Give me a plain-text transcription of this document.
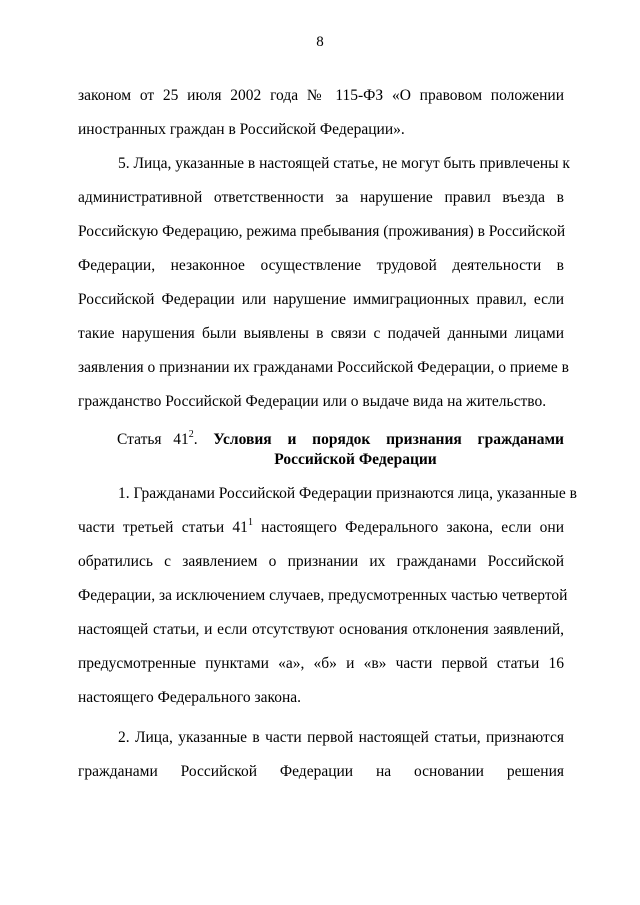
8
законом от 25 июля 2002 года № 115-ФЗ «О правовом положении
иностранных граждан в Российской Федерации».
5. Лица, указанные в настоящей статье, не могут быть привлечены к
административной ответственности за нарушение правил въезда в
Российскую Федерацию, режима пребывания (проживания) в Российской
Федерации, незаконное осуществление трудовой деятельности в
Российской Федерации или нарушение иммиграционных правил, если
такие нарушения были выявлены в связи с подачей данными лицами
заявления о признании их гражданами Российской Федерации, о приеме в
гражданство Российской Федерации или о выдаче вида на жительство.
Статья $41^2$. Условия и порядок признания гражданами
Российской Федерации
1. Гражданами Российской Федерации признаются лица, указанные в
части третьей статьи $41^1$ настоящего Федерального закона, если они
обратились с заявлением о признании их гражданами Российской
Федерации, за исключением случаев, предусмотренных частью четвертой
настоящей статьи, и если отсутствуют основания отклонения заявлений,
предусмотренные пунктами «а», «б» и «в» части первой статьи 16
настоящего Федерального закона.
2. Лица, указанные в части первой настоящей статьи, признаются
гражданами Российской Федерации на основании решения
